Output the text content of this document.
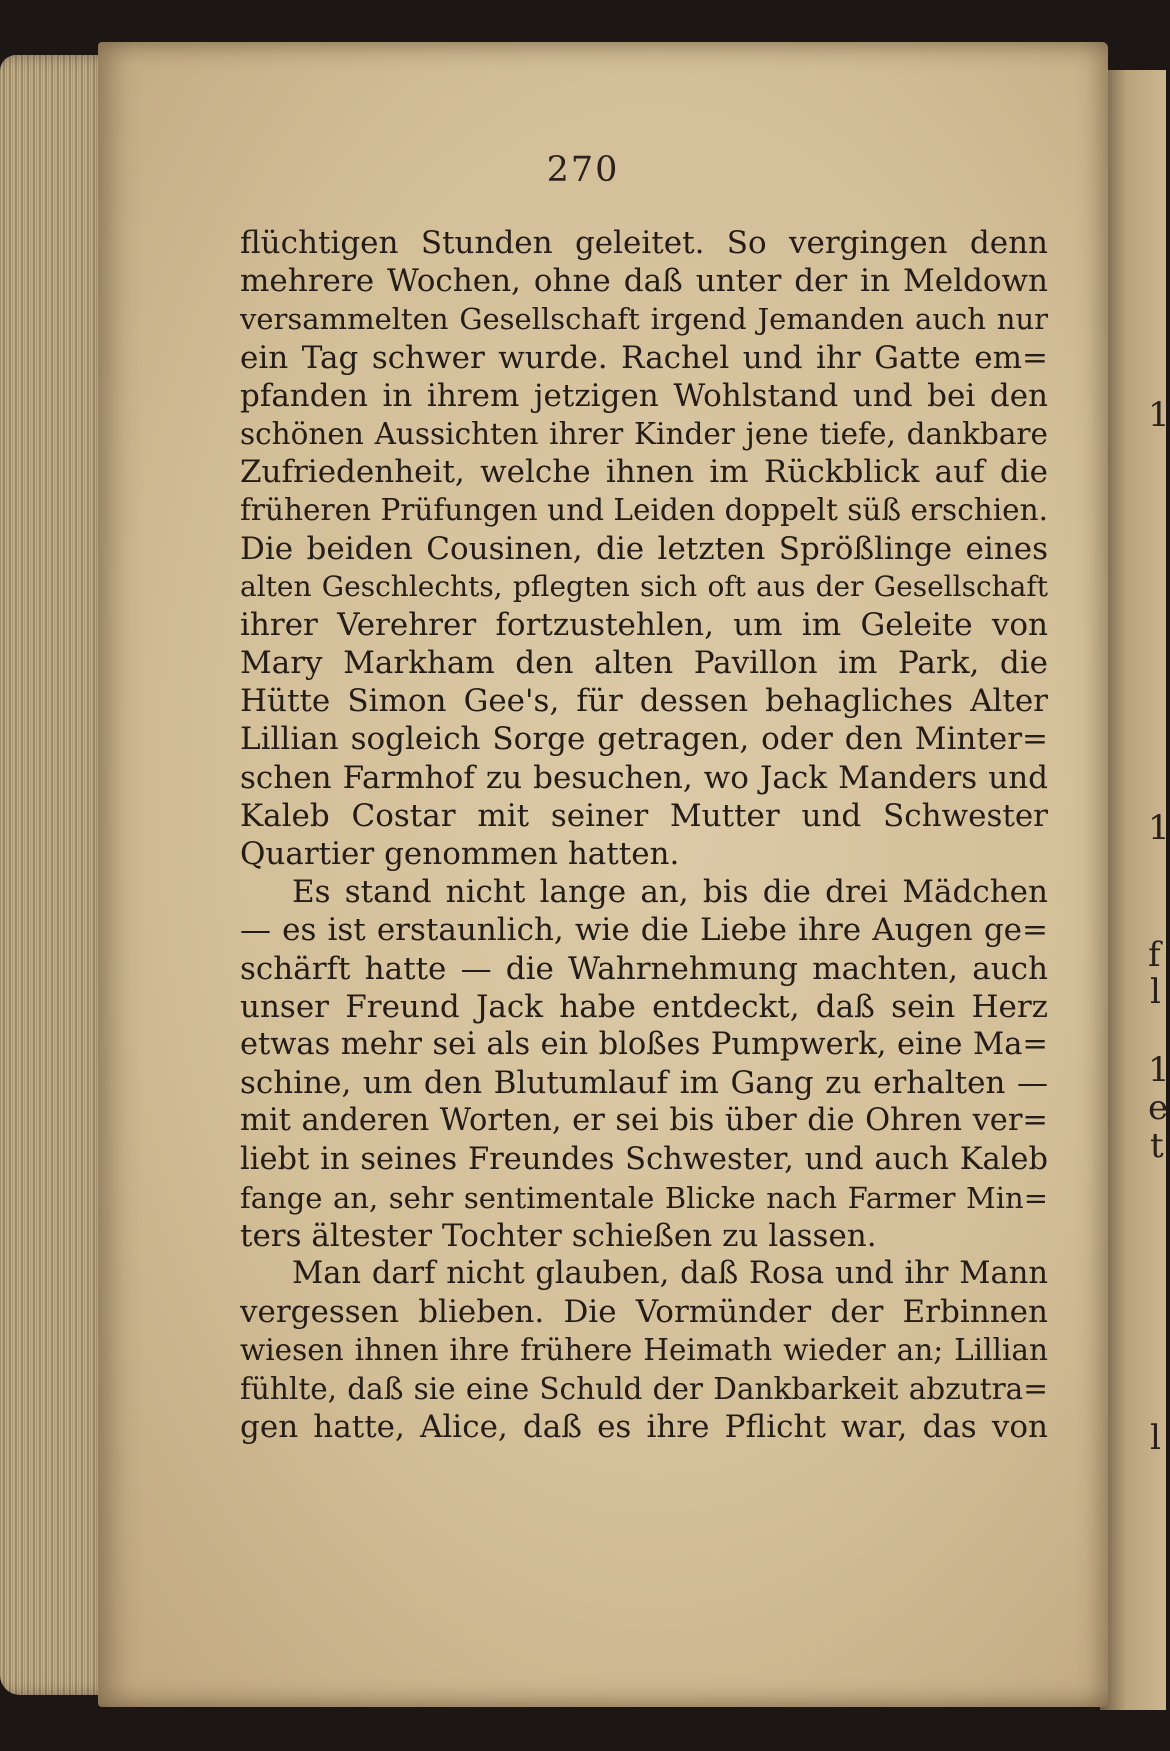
1
1
f
l
1
e
t
l
270
flüchtigen Stunden geleitet. So vergingen denn
mehrere Wochen, ohne daß unter der in Meldown
versammelten Gesellschaft irgend Jemanden auch nur
ein Tag schwer wurde. Rachel und ihr Gatte em=
pfanden in ihrem jetzigen Wohlstand und bei den
schönen Aussichten ihrer Kinder jene tiefe, dankbare
Zufriedenheit, welche ihnen im Rückblick auf die
früheren Prüfungen und Leiden doppelt süß erschien.
Die beiden Cousinen, die letzten Sprößlinge eines
alten Geschlechts, pflegten sich oft aus der Gesellschaft
ihrer Verehrer fortzustehlen, um im Geleite von
Mary Markham den alten Pavillon im Park, die
Hütte Simon Gee's, für dessen behagliches Alter
Lillian sogleich Sorge getragen, oder den Minter=
schen Farmhof zu besuchen, wo Jack Manders und
Kaleb Costar mit seiner Mutter und Schwester
Quartier genommen hatten.
Es stand nicht lange an, bis die drei Mädchen
— es ist erstaunlich, wie die Liebe ihre Augen ge=
schärft hatte — die Wahrnehmung machten, auch
unser Freund Jack habe entdeckt, daß sein Herz
etwas mehr sei als ein bloßes Pumpwerk, eine Ma=
schine, um den Blutumlauf im Gang zu erhalten —
mit anderen Worten, er sei bis über die Ohren ver=
liebt in seines Freundes Schwester, und auch Kaleb
fange an, sehr sentimentale Blicke nach Farmer Min=
ters ältester Tochter schießen zu lassen.
Man darf nicht glauben, daß Rosa und ihr Mann
vergessen blieben. Die Vormünder der Erbinnen
wiesen ihnen ihre frühere Heimath wieder an; Lillian
fühlte, daß sie eine Schuld der Dankbarkeit abzutra=
gen hatte, Alice, daß es ihre Pflicht war, das von
